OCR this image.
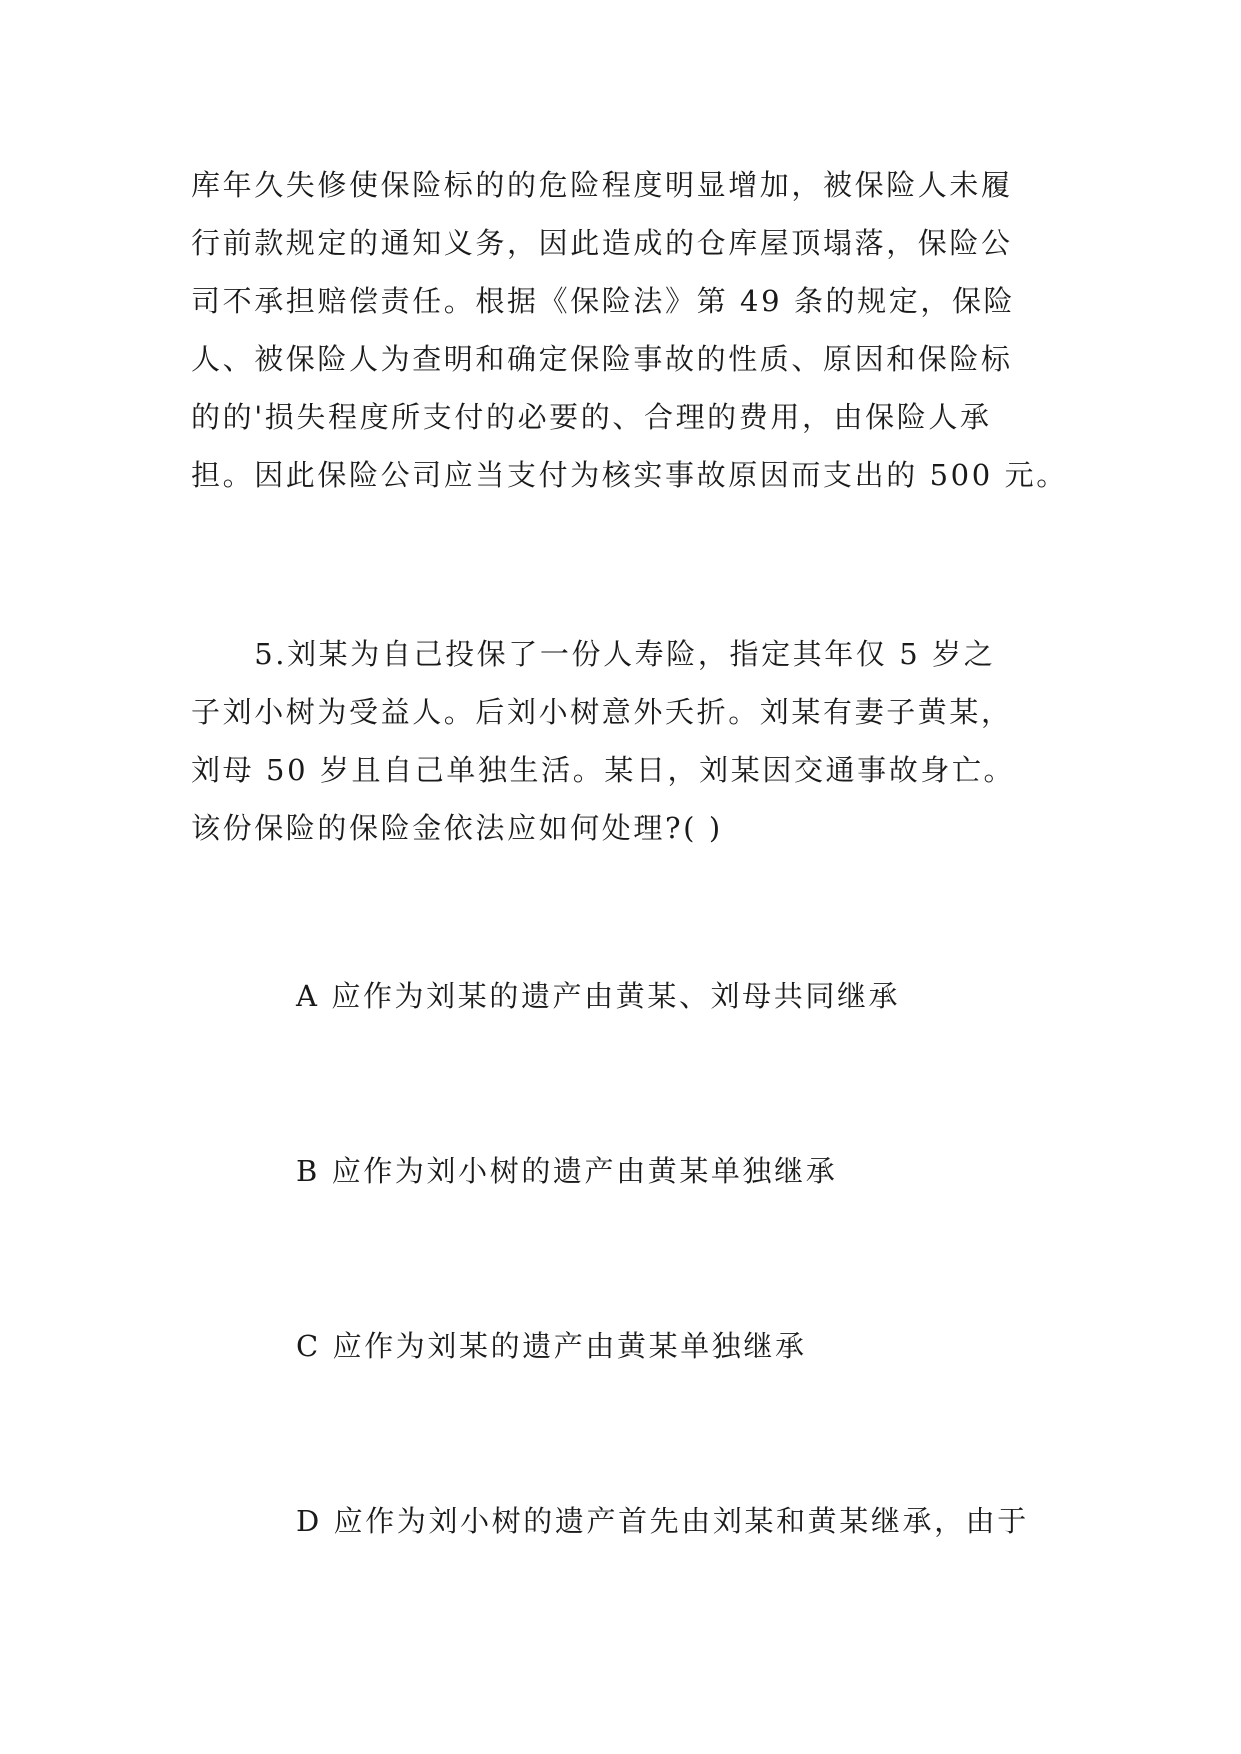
库年久失修使保险标的的危险程度明显增加，被保险人未履
行前款规定的通知义务，因此造成的仓库屋顶塌落，保险公
司不承担赔偿责任。根据《保险法》第 49 条的规定，保险
人、被保险人为查明和确定保险事故的性质、原因和保险标
的的'损失程度所支付的必要的、合理的费用，由保险人承
担。因此保险公司应当支付为核实事故原因而支出的 500 元。
　　5.刘某为自己投保了一份人寿险，指定其年仅 5 岁之
子刘小树为受益人。后刘小树意外夭折。刘某有妻子黄某，
刘母 50 岁且自己单独生活。某日，刘某因交通事故身亡。
该份保险的保险金依法应如何处理?( )
A 应作为刘某的遗产由黄某、刘母共同继承
B 应作为刘小树的遗产由黄某单独继承
C 应作为刘某的遗产由黄某单独继承
D 应作为刘小树的遗产首先由刘某和黄某继承，由于
